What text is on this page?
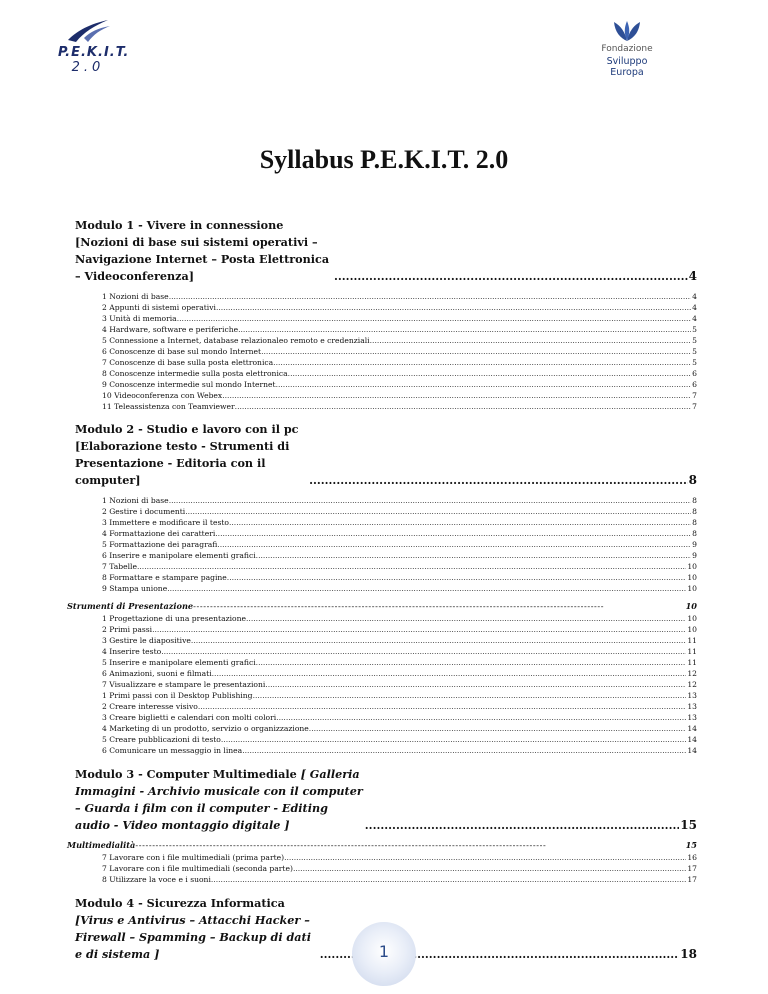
P.E.K.I.T.
2.0
Fondazione
Sviluppo Europa
Syllabus P.E.K.I.T. 2.0
Modulo 1 - Vivere in connessione [Nozioni di base sui sistemi operativi – Navigazione Internet – Posta Elettronica – Videoconferenza] .....	4
1 Nozioni di base .....	4
2 Appunti di sistemi operativi .....	4
3 Unità di memoria .....	4
4 Hardware, software e periferiche .....	5
5 Connessione a Internet, database relazionaleo remoto e credenziali .....	5
6 Conoscenze di base sul mondo Internet .....	5
7 Conoscenze di base sulla posta elettronica .....	5
8 Conoscenze intermedie sulla posta elettronica .....	6
9 Conoscenze intermedie sul mondo Internet .....	6
10 Videoconferenza con Webex .....	7
11 Teleassistenza con Teamviewer .....	7
Modulo 2 - Studio e lavoro con il pc [Elaborazione testo - Strumenti di Presentazione - Editoria con il computer] .....	8
1 Nozioni di base .....	8
2 Gestire i documenti .....	8
3 Immettere e modificare il testo .....	8
4 Formattazione dei caratteri .....	8
5 Formattazione dei paragrafi .....	9
6 Inserire e manipolare elementi grafici .....	9
7 Tabelle .....	10
8 Formattare e stampare pagine .....	10
9 Stampa unione .....	10
Strumenti di Presentazione - - -	10
1 Progettazione di una presentazione .....	10
2 Primi passi .....	10
3 Gestire le diapositive .....	11
4 Inserire testo .....	11
5 Inserire e manipolare elementi grafici .....	11
6 Animazioni, suoni e filmati .....	12
7 Visualizzare e stampare le presentazioni .....	12
1 Primi passi con il Desktop Publishing .....	13
2 Creare interesse visivo .....	13
3 Creare biglietti e calendari con molti colori .....	13
4 Marketing di un prodotto, servizio o organizzazione .....	14
5 Creare pubblicazioni di testo .....	14
6 Comunicare un messaggio in linea .....	14
Modulo 3 - Computer Multimediale [ Galleria Immagini - Archivio musicale con il computer – Guarda i film con il computer - Editing audio - Video montaggio digitale ] .....	15
Multimedialità - - -	15
7 Lavorare con i file multimediali (prima parte) .....	16
7 Lavorare con i file multimediali (seconda parte) .....	17
8 Utilizzare la voce e i suoni .....	17
Modulo 4 - Sicurezza Informatica [Virus e Antivirus – Attacchi Hacker – Firewall – Spamming – Backup di dati e di sistema ] .....	18
1
